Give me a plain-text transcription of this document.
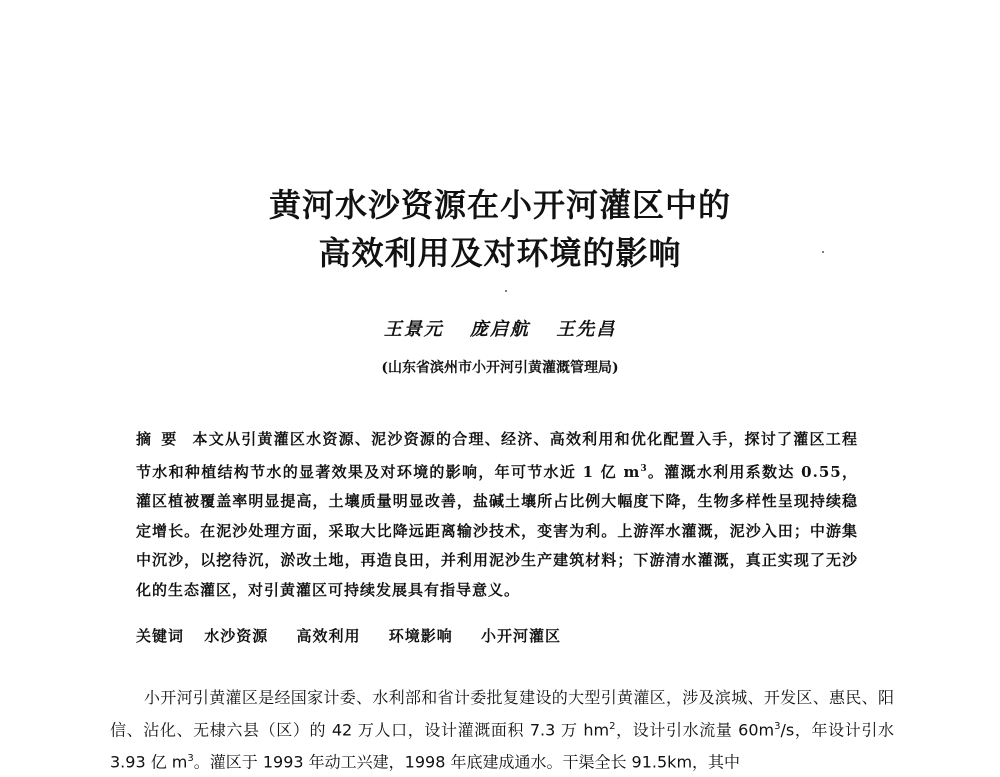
黄河水沙资源在小开河灌区中的
高效利用及对环境的影响
王景元 庞启航 王先昌
(山东省滨州市小开河引黄灌溉管理局)
摘要 本文从引黄灌区水资源、泥沙资源的合理、经济、高效利用和优化配置入手，探讨了灌区工程节水和种植结构节水的显著效果及对环境的影响，年可节水近 1 亿 $m^3$。灌溉水利用系数达 0.55，灌区植被覆盖率明显提高，土壤质量明显改善，盐碱土壤所占比例大幅度下降，生物多样性呈现持续稳定增长。在泥沙处理方面，采取大比降远距离输沙技术，变害为利。上游浑水灌溉，泥沙入田；中游集中沉沙，以挖待沉，淤改土地，再造良田，并利用泥沙生产建筑材料；下游清水灌溉，真正实现了无沙化的生态灌区，对引黄灌区可持续发展具有指导意义。
关键词 水沙资源 高效利用 环境影响 小开河灌区
小开河引黄灌区是经国家计委、水利部和省计委批复建设的大型引黄灌区，涉及滨城、开发区、惠民、阳信、沾化、无棣六县（区）的 42 万人口，设计灌溉面积 7.3 万 $hm^2$，设计引水流量 $60m^3/s$，年设计引水 3.93 亿 $m^3$。灌区于 1993 年动工兴建，1998 年底建成通水。干渠全长 91.5km，其中
